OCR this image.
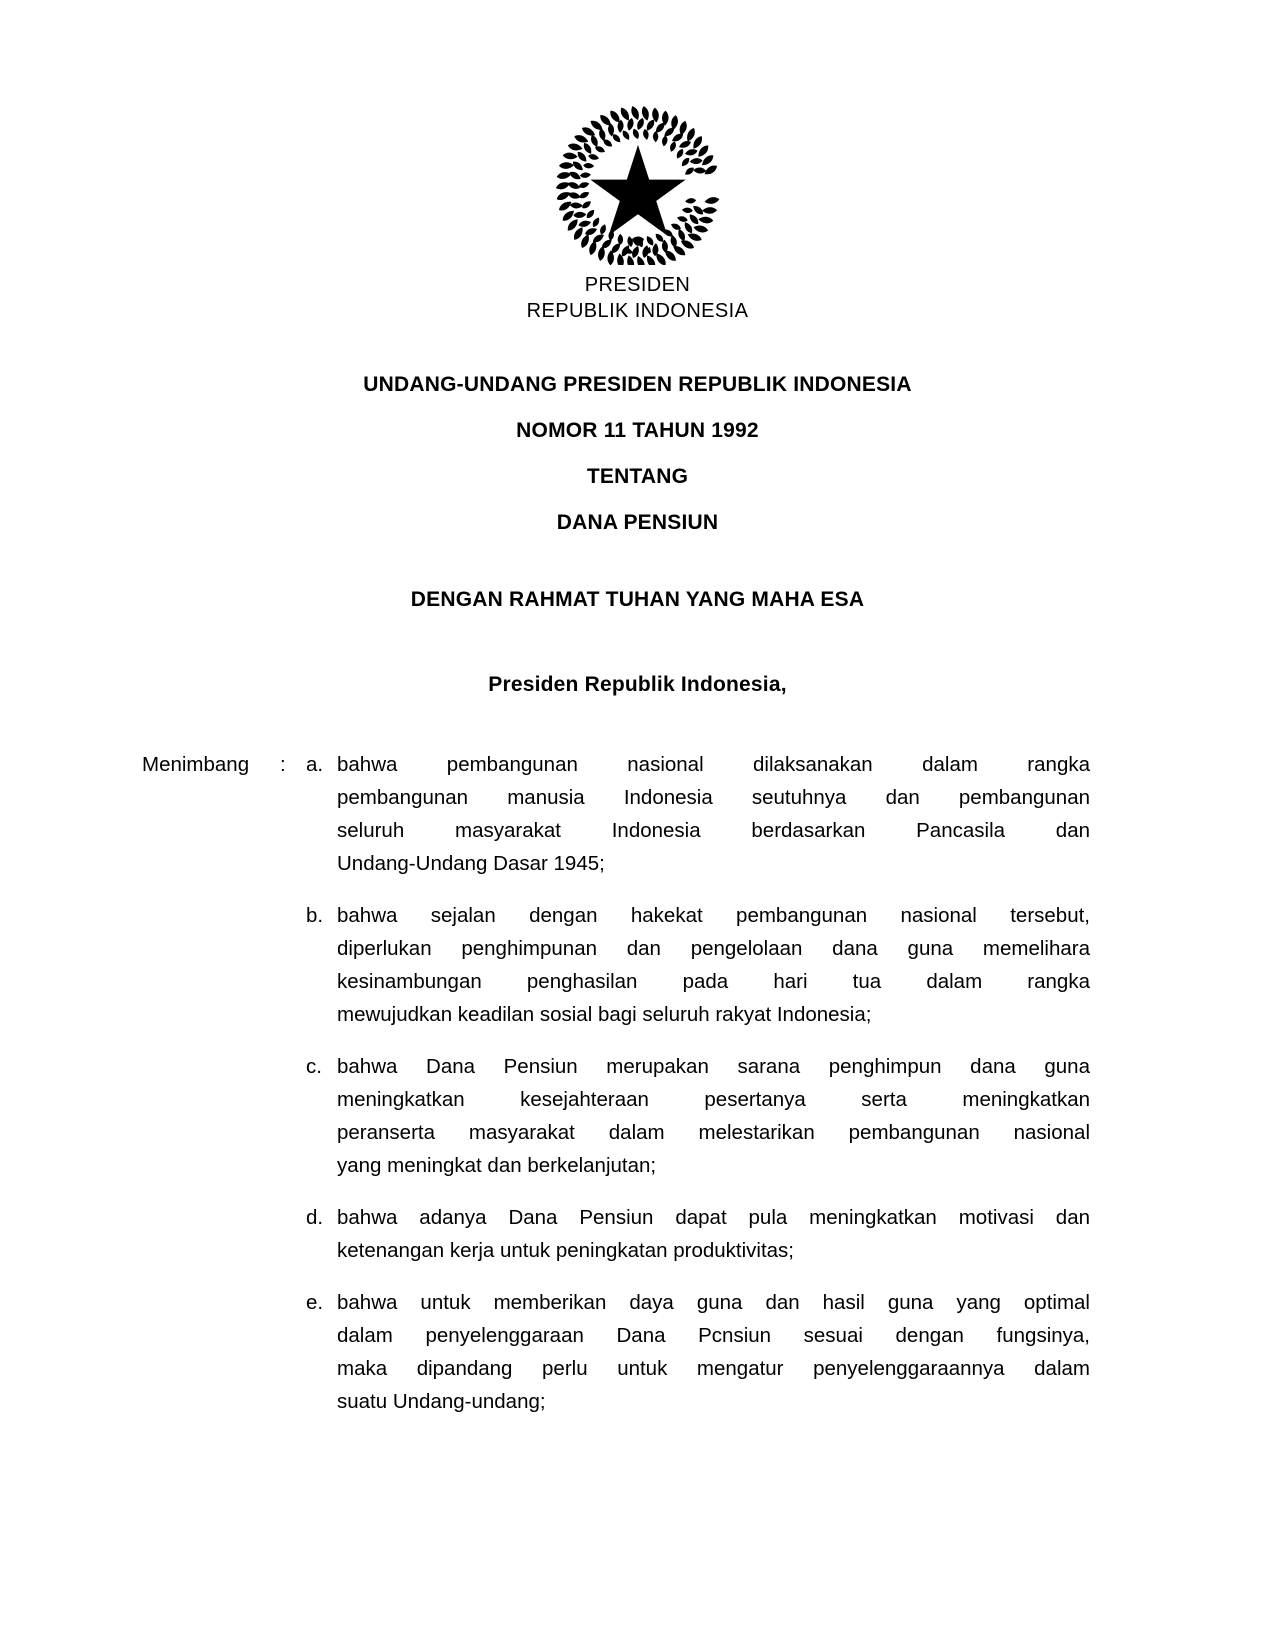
PRESIDEN
REPUBLIK INDONESIA
UNDANG-UNDANG PRESIDEN REPUBLIK INDONESIA
NOMOR 11 TAHUN 1992
TENTANG
DANA PENSIUN
DENGAN RAHMAT TUHAN YANG MAHA ESA
Presiden Republik Indonesia,
Menimbang	: a. bahwa pembangunan nasional dilaksanakan dalam rangka
pembangunan manusia Indonesia seutuhnya dan pembangunan
seluruh masyarakat Indonesia berdasarkan Pancasila dan
Undang-Undang Dasar 1945;
b. bahwa sejalan dengan hakekat pembangunan nasional tersebut,
diperlukan penghimpunan dan pengelolaan dana guna memelihara
kesinambungan penghasilan pada hari tua dalam rangka
mewujudkan keadilan sosial bagi seluruh rakyat Indonesia;
c. bahwa Dana Pensiun merupakan sarana penghimpun dana guna
meningkatkan kesejahteraan pesertanya serta meningkatkan
peranserta masyarakat dalam melestarikan pembangunan nasional
yang meningkat dan berkelanjutan;
d. bahwa adanya Dana Pensiun dapat pula meningkatkan motivasi dan
ketenangan kerja untuk peningkatan produktivitas;
e. bahwa untuk memberikan daya guna dan hasil guna yang optimal
dalam penyelenggaraan Dana Pcnsiun sesuai dengan fungsinya,
maka dipandang perlu untuk mengatur penyelenggaraannya dalam
suatu Undang-undang;
